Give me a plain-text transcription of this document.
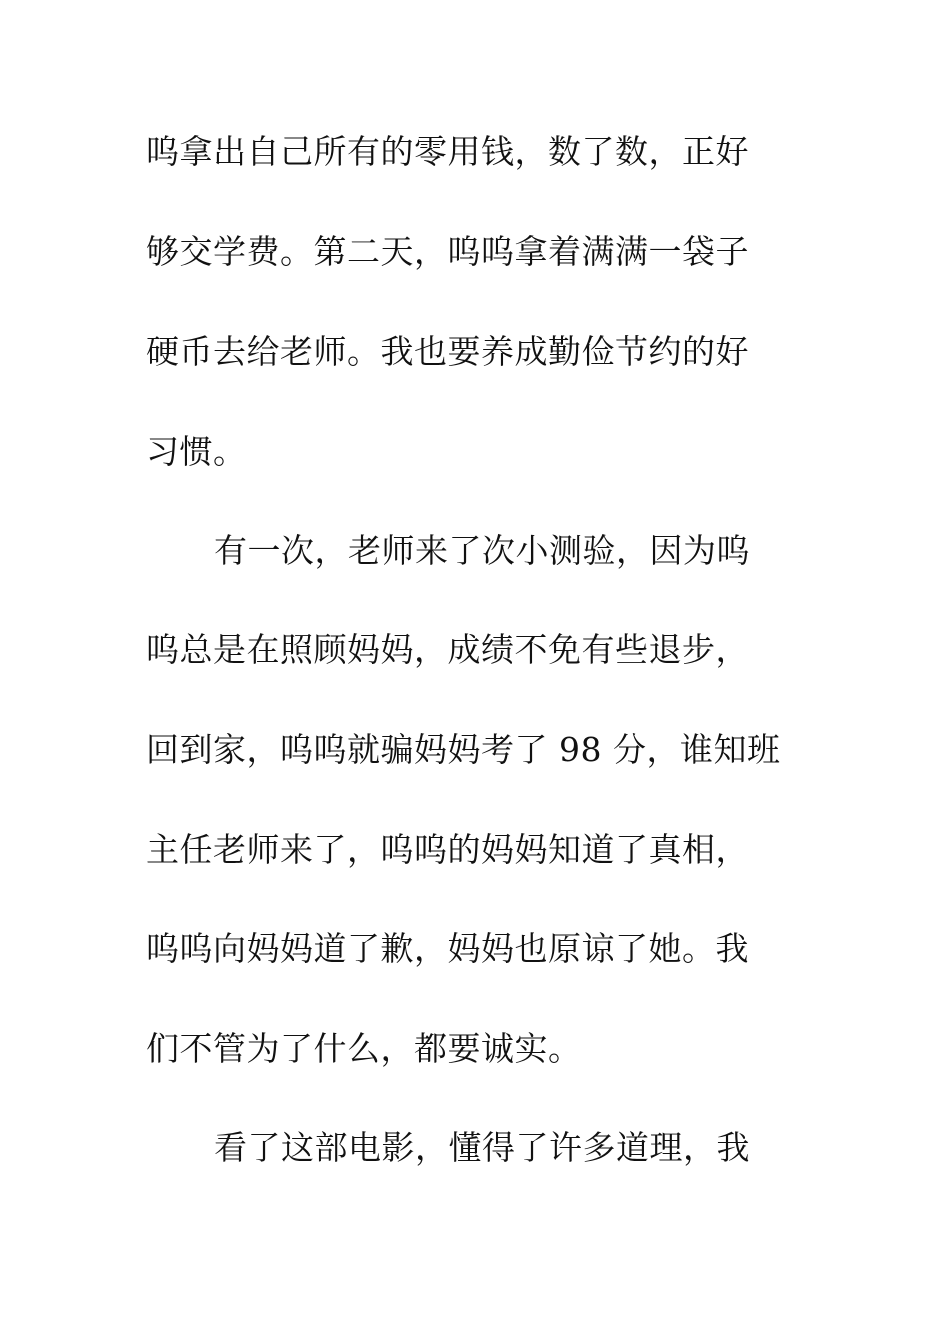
呜拿出自己所有的零用钱，数了数，正好
够交学费。第二天，呜呜拿着满满一袋子
硬币去给老师。我也要养成勤俭节约的好
习惯。
有一次，老师来了次小测验，因为呜
呜总是在照顾妈妈，成绩不免有些退步，
回到家，呜呜就骗妈妈考了 98 分，谁知班
主任老师来了，呜呜的妈妈知道了真相，
呜呜向妈妈道了歉，妈妈也原谅了她。我
们不管为了什么，都要诚实。
看了这部电影，懂得了许多道理，我
